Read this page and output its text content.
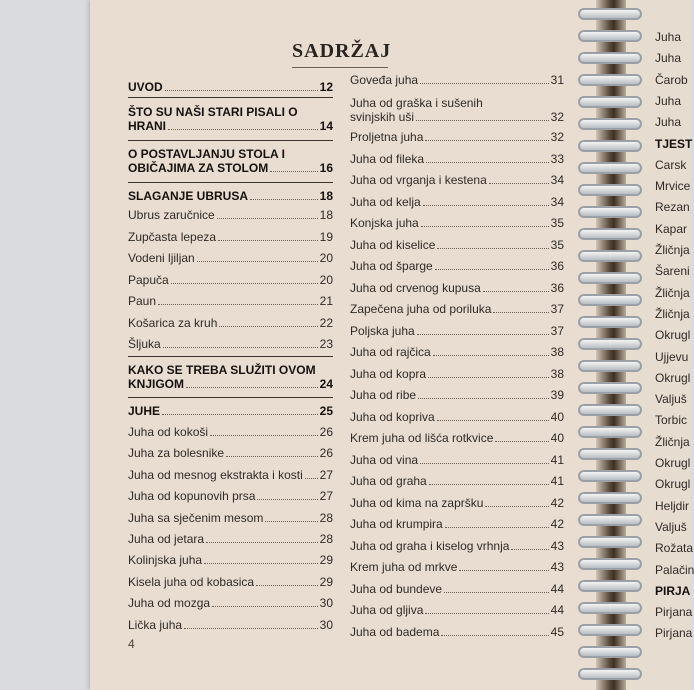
SADRŽAJ
UVOD	12
ŠTO SU NAŠI STARI PISALI O
HRANI	14
O POSTAVLJANJU STOLA I
OBIČAJIMA ZA STOLOM	16
SLAGANJE UBRUSA	18
Ubrus zaručnice	18
Zupčasta lepeza	19
Vodeni ljiljan	20
Papuča	20
Paun	21
Košarica za kruh	22
Šljuka	23
KAKO SE TREBA SLUŽITI OVOM
KNJIGOM	24
JUHE	25
Juha od kokoši	26
Juha za bolesnike	26
Juha od mesnog ekstrakta i kosti 27
Juha od kopunovih prsa	27
Juha sa sječenim mesom	28
Juha od jetara	28
Kolinjska juha	29
Kisela juha od kobasica	29
Juha od mozga	30
Lička juha	30
Goveđa juha	31
Juha od graška i sušenih
svinjskih uši	32
Proljetna juha	32
Juha od fileka	33
Juha od vrganja i kestena	34
Juha od kelja	34
Konjska juha	35
Juha od kiselice	35
Juha od šparge	36
Juha od crvenog kupusa	36
Zapečena juha od poriluka	37
Poljska juha	37
Juha od rajčica	38
Juha od kopra	38
Juha od ribe	39
Juha od kopriva	40
Krem juha od lišća rotkvice	40
Juha od vina	41
Juha od graha	41
Juha od kima na zapršku	42
Juha od krumpira	42
Juha od graha i kiselog vrhnja	43
Krem juha od mrkve	43
Juha od bundeve	44
Juha od gljiva	44
Juha od badema	45
Juha
Juha
Čarob
Juha
Juha
TJEST
Carsk
Mrvice
Rezan
Kapar
Žličnja
Šareni
Žličnja
Žličnja
Okrugl
Ujjevu
Okrugl
Valjuš
Torbic
Žličnja
Okrugl
Okrugl
Heljdir
Valjuš
Rožata
Palačin
PIRJA
Pirjana
Pirjana
4
